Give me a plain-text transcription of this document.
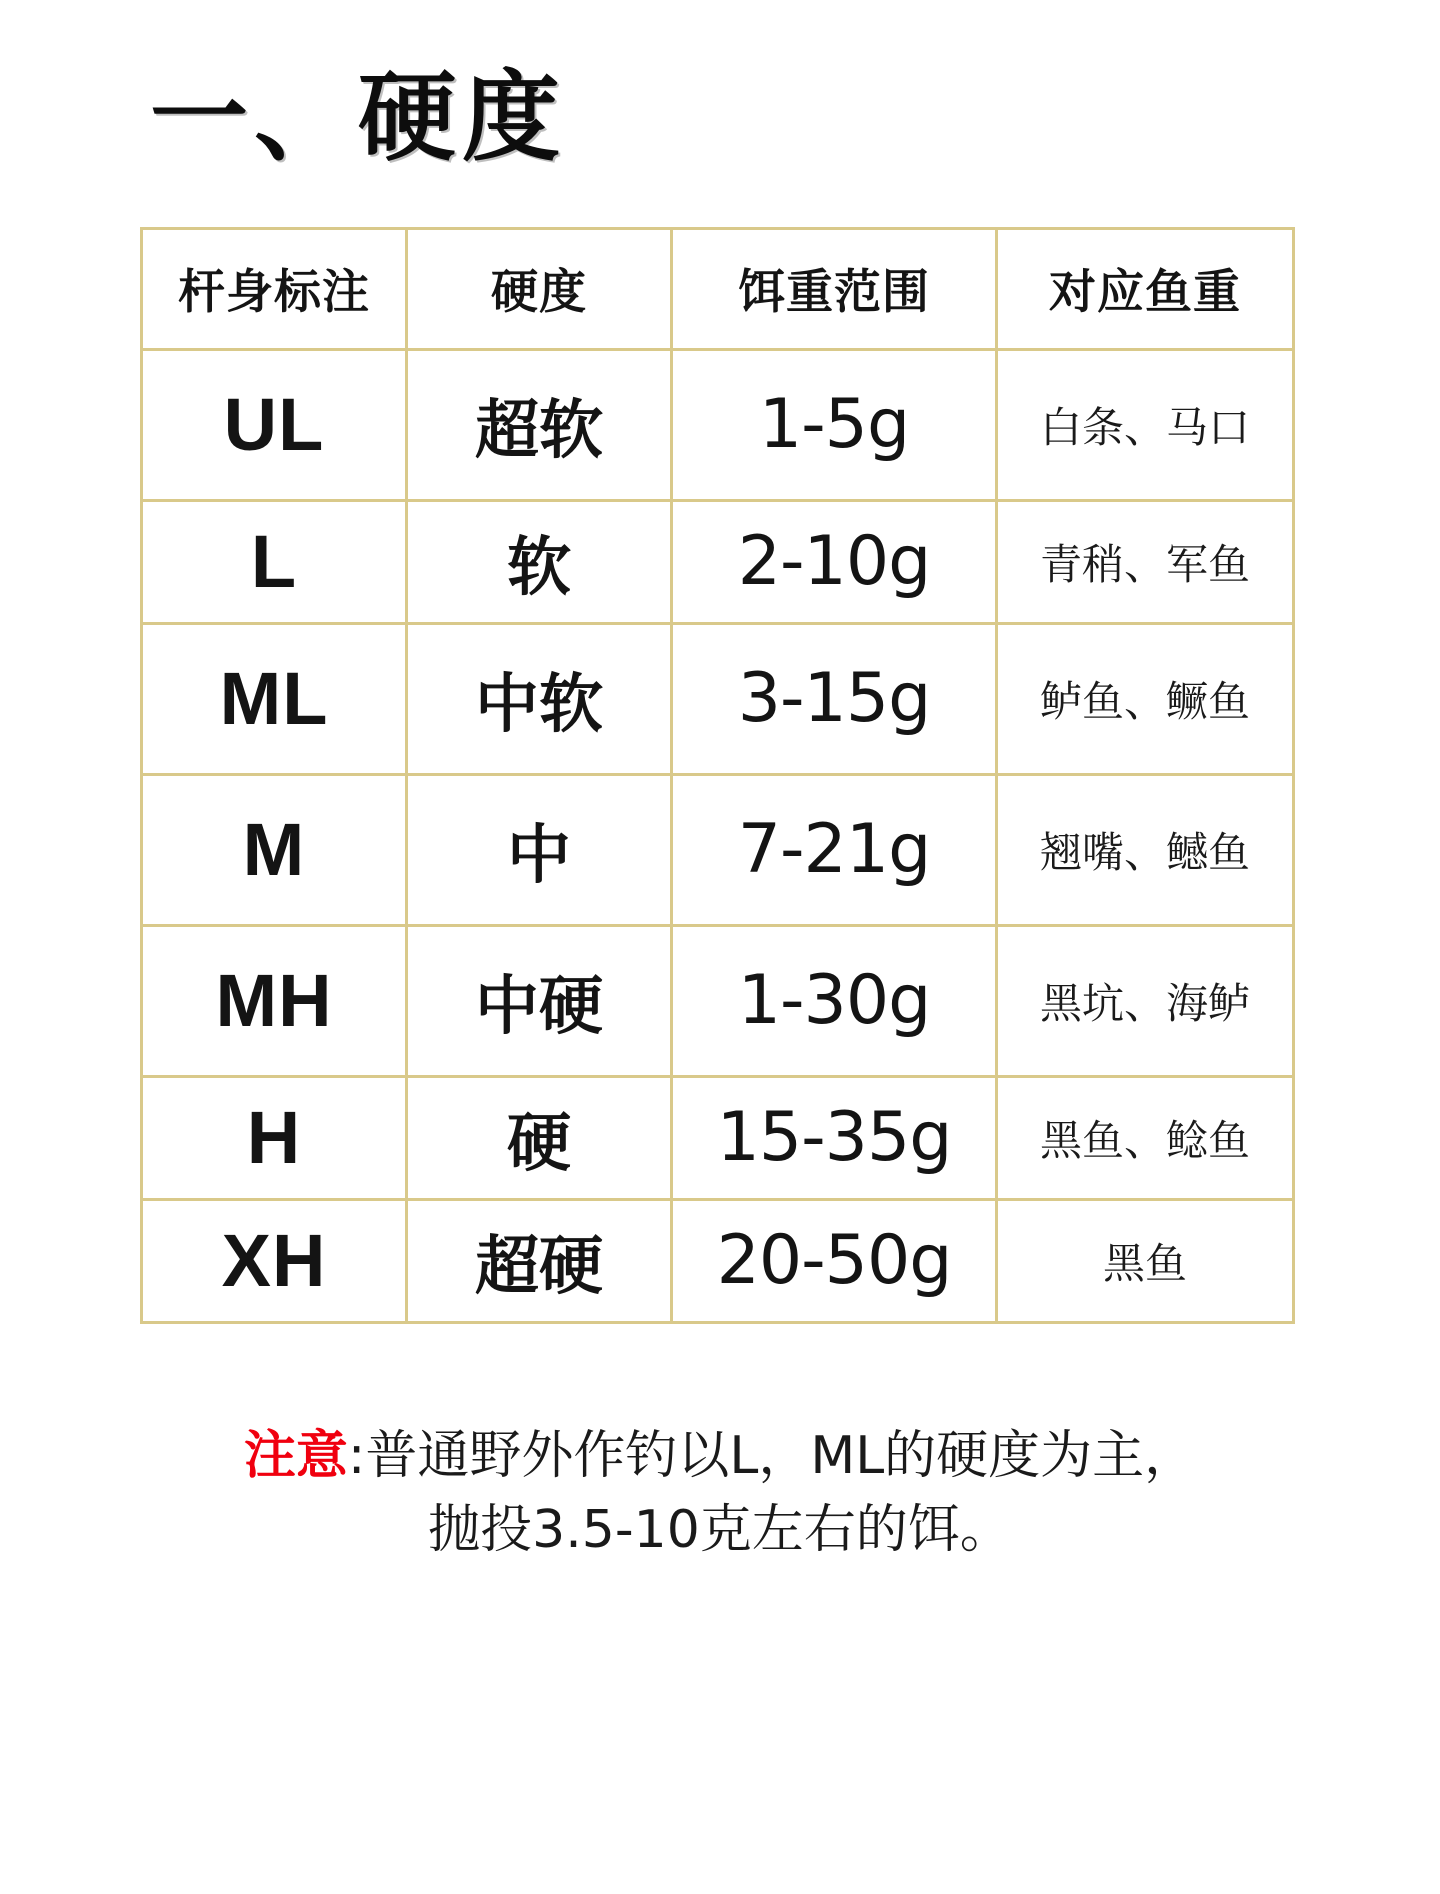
一、硬度
杆身标注	硬度	饵重范围	对应鱼重
UL	超软	1-5g	白条、马口
L	软	2-10g	青稍、军鱼
ML	中软	3-15g	鲈鱼、鳜鱼
M	中	7-21g	翘嘴、鳡鱼
MH	中硬	1-30g	黑坑、海鲈
H	硬	15-35g	黑鱼、鲶鱼
XH	超硬	20-50g	黑鱼
注意:普通野外作钓以L，ML的硬度为主，
抛投3.5-10克左右的饵。
